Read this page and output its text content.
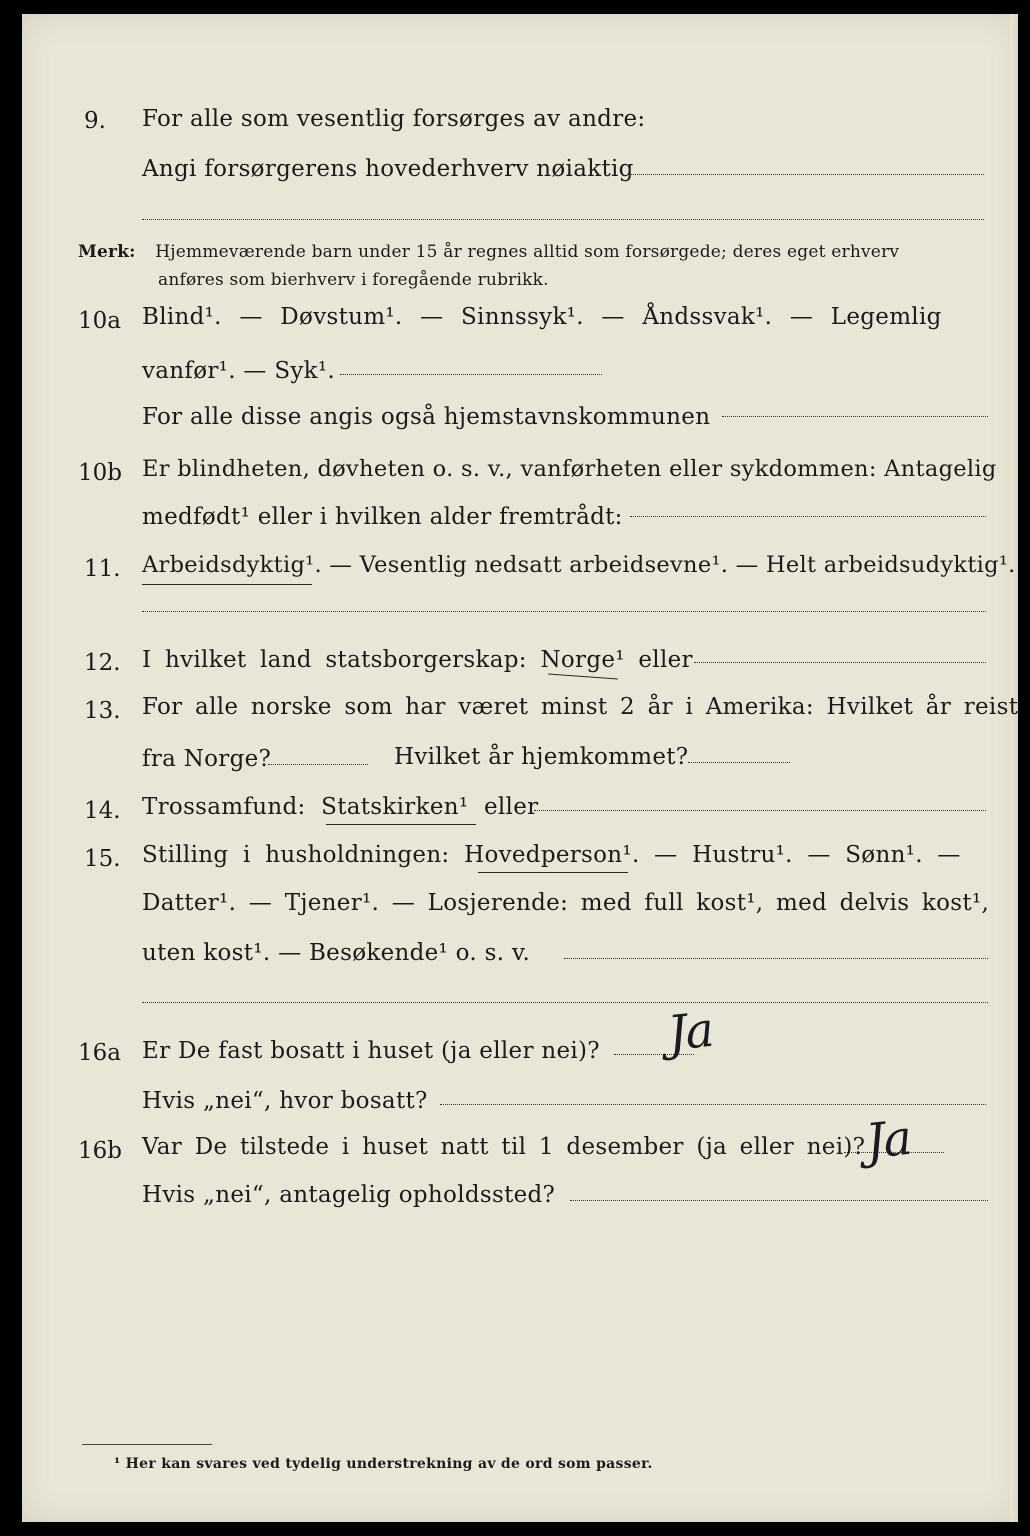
9. For alle som vesentlig forsørges av andre:
Angi forsørgerens hovederhverv nøiaktig
Merk: Hjemmeværende barn under 15 år regnes alltid som forsørgede; deres eget erhverv
anføres som bierhverv i foregående rubrikk.
10a Blind¹. — Døvstum¹. — Sinnssyk¹. — Åndssvak¹. — Legemlig
vanfør¹. — Syk¹.
For alle disse angis også hjemstavnskommunen
10b Er blindheten, døvheten o. s. v., vanførheten eller sykdommen: Antagelig
medfødt¹ eller i hvilken alder fremtrådt:
11. Arbeidsdyktig¹. — Vesentlig nedsatt arbeidsevne¹. — Helt arbeidsudyktig¹.
12. I hvilket land statsborgerskap: Norge¹ eller
13. For alle norske som har været minst 2 år i Amerika: Hvilket år reist
fra Norge?	Hvilket år hjemkommet?
14. Trossamfund: Statskirken¹ eller
15. Stilling i husholdningen: Hovedperson¹. — Hustru¹. — Sønn¹. —
Datter¹. — Tjener¹. — Losjerende: med full kost¹, med delvis kost¹,
uten kost¹. — Besøkende¹ o. s. v.
16a Er De fast bosatt i huset (ja eller nei)? Ja
Hvis „nei“, hvor bosatt?
16b Var De tilstede i huset natt til 1 desember (ja eller nei)?
Ja
Hvis „nei“, antagelig opholdssted?
¹ Her kan svares ved tydelig understrekning av de ord som passer.
